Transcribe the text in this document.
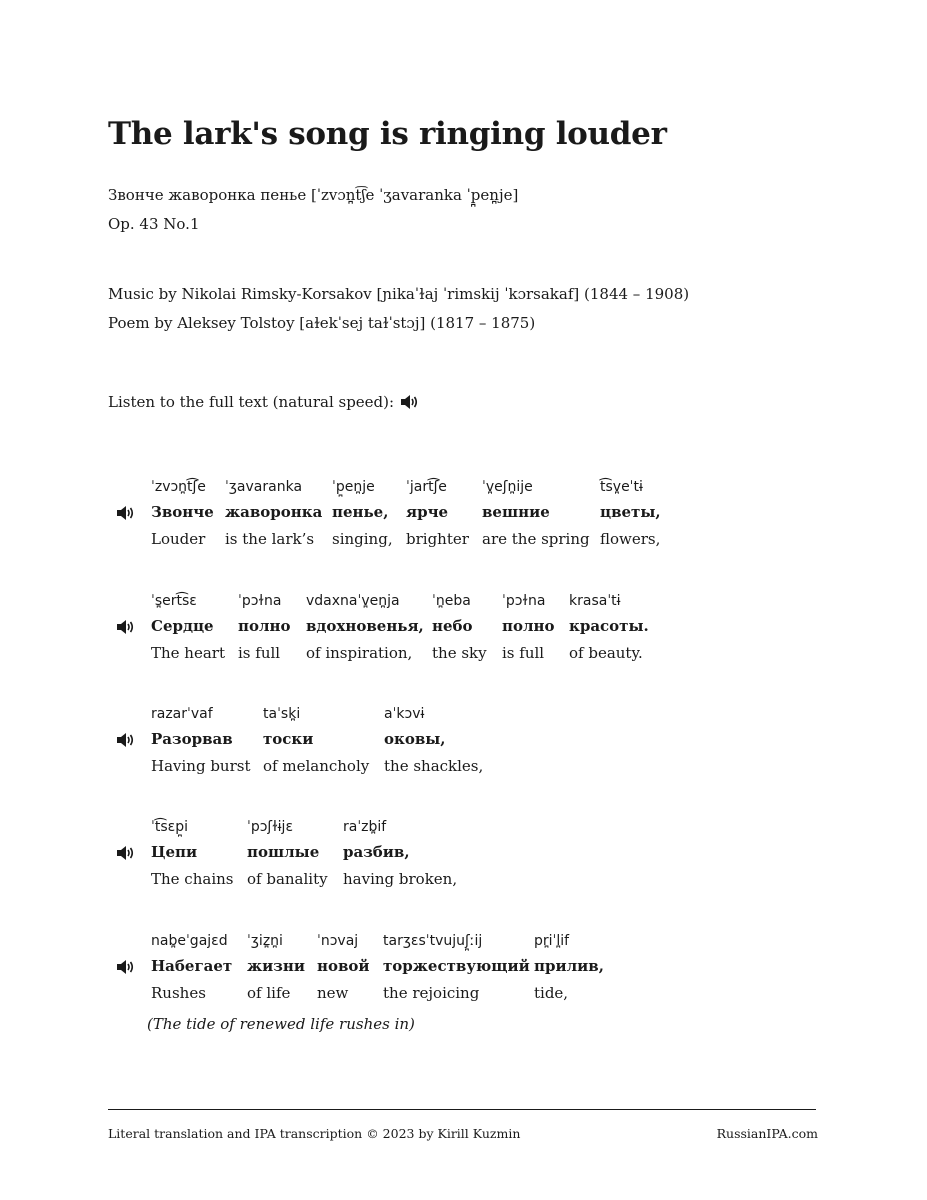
The lark's song is ringing louder
Звонче жаворонка пенье [ˈzvɔn̪t͡ʃe ˈʒavaranka ˈp̪en̪je]
Op. 43 No.1
Music by Nikolai Rimsky-Korsakov [ɲikaˈɫaj ˈrimskij ˈkɔrsakaf] (1844 – 1908)
Poem by Aleksey Tolstoy [aɫekˈsej taɫˈstɔj] (1817 – 1875)
Listen to the full text (natural speed):
ˈzvɔn̪t͡ʃe
Звонче
Louder
ˈʒavaranka
жаворонка
is the lark’s
ˈp̪en̪je
пенье,
singing,
ˈjart͡ʃe
ярче
brighter
ˈv̪eʃn̪ije
вешние
are the spring
t͡sv̪eˈtɨ
цветы,
flowers,
ˈs̪ert͡sɛ
Сердце
The heart
ˈpɔɫna
полно
is full
vdaxnaˈv̪en̪ja
вдохновенья,
of inspiration,
ˈn̪eba
небо
the sky
ˈpɔɫna
полно
is full
krasaˈtɨ
красоты.
of beauty.
razarˈvaf
Разорвав
Having burst
taˈsk̪i
тоски
of melancholy
aˈkɔvɨ
оковы,
the shackles,
ˈt͡sɛp̪i
Цепи
The chains
ˈpɔʃɫɨjɛ
пошлые
of banality
raˈzb̪if
разбив,
having broken,
nab̪eˈgajɛd
Набегает
Rushes
ˈʒiz̪n̪i
жизни
of life
ˈnɔvaj
новой
new
tarʒɛsˈtvujuʃ̪ːij
торжествующий
the rejoicing
pr̪iˈl̪if
прилив,
tide,
(The tide of renewed life rushes in)
Literal translation and IPA transcription © 2023 by Kirill Kuzmin	RussianIPA.com
